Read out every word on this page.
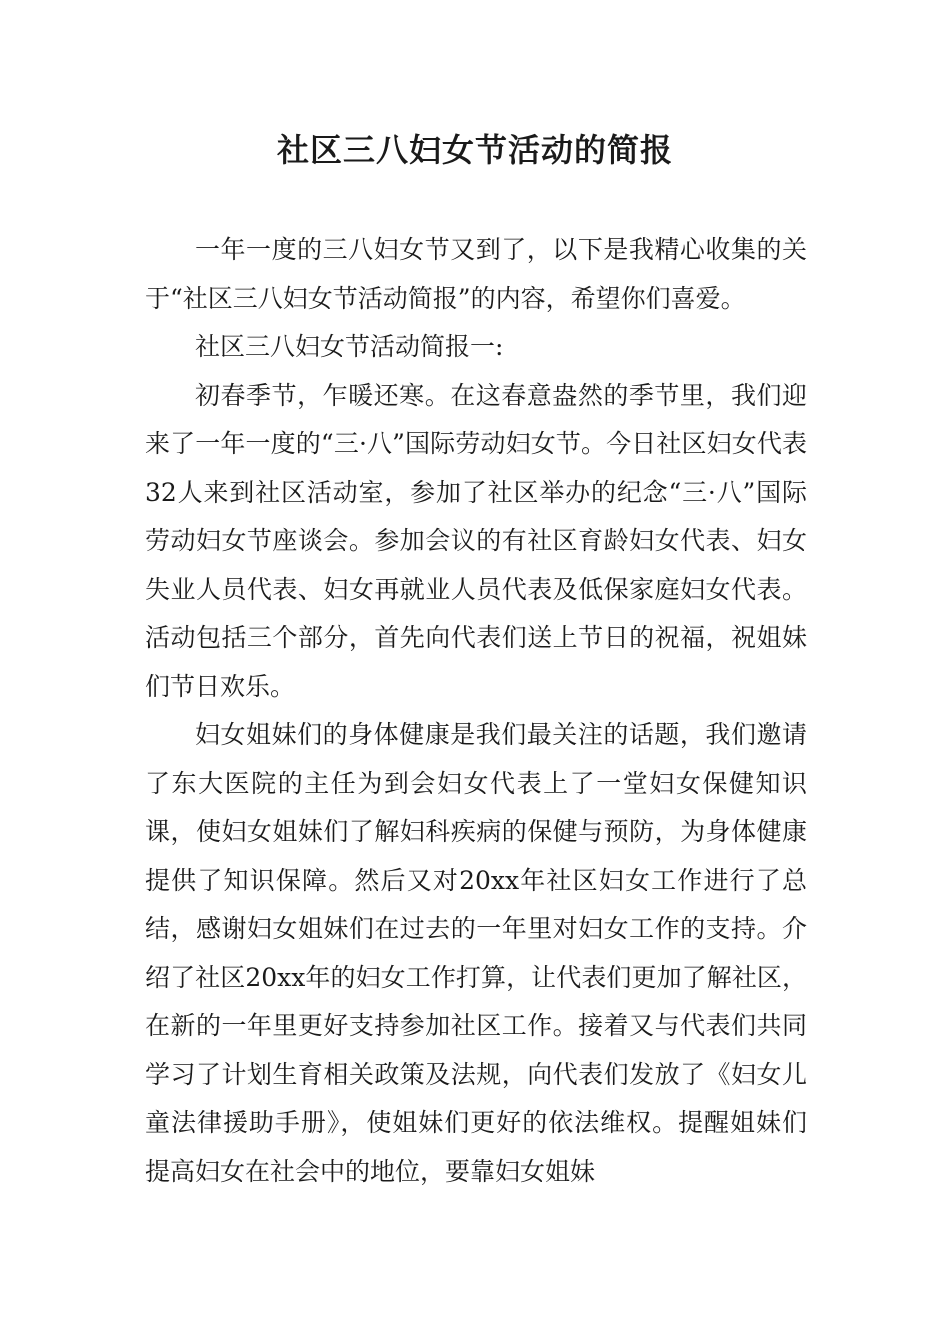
社区三八妇女节活动的简报

一年一度的三八妇女节又到了，以下是我精心收集的关于“社区三八妇女节活动简报”的内容，希望你们喜爱。

社区三八妇女节活动简报一:

初春季节，乍暖还寒。在这春意盎然的季节里，我们迎来了一年一度的“三·八”国际劳动妇女节。今日社区妇女代表32人来到社区活动室，参加了社区举办的纪念“三·八”国际劳动妇女节座谈会。参加会议的有社区育龄妇女代表、妇女失业人员代表、妇女再就业人员代表及低保家庭妇女代表。活动包括三个部分，首先向代表们送上节日的祝福，祝姐妹们节日欢乐。

妇女姐妹们的身体健康是我们最关注的话题，我们邀请了东大医院的主任为到会妇女代表上了一堂妇女保健知识课，使妇女姐妹们了解妇科疾病的保健与预防，为身体健康提供了知识保障。然后又对20xx年社区妇女工作进行了总结，感谢妇女姐妹们在过去的一年里对妇女工作的支持。介绍了社区20xx年的妇女工作打算，让代表们更加了解社区，在新的一年里更好支持参加社区工作。接着又与代表们共同学习了计划生育相关政策及法规，向代表们发放了《妇女儿童法律援助手册》，使姐妹们更好的依法维权。提醒姐妹们提高妇女在社会中的地位，要靠妇女姐妹
